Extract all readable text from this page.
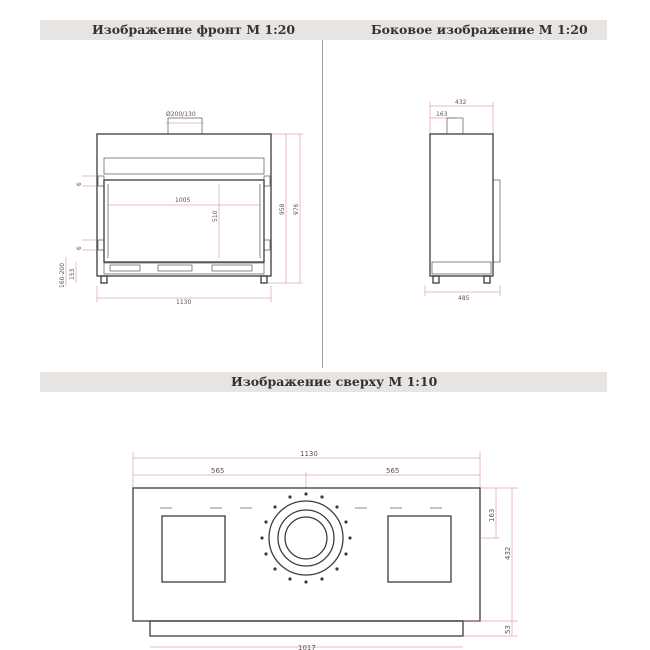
Изображение фронт М 1:20	Боковое изображение М 1:20
Изображение сверху М 1:10
Ø200/130
1130
1005
510
958 976
6
6
153
160-200
432
163
485
1130
565	565
163
432
53
1017
